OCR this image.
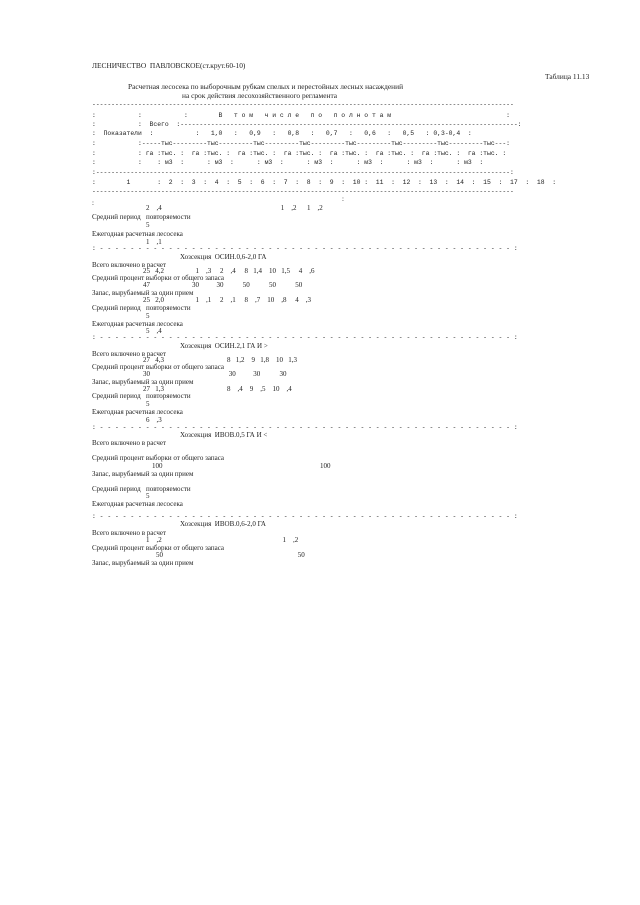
ЛЕСНИЧЕСТВО  ПАВЛОВСКОЕ(ст.крут.60-10)
Таблица 11.13
Расчетная лесосека по выборочным рубкам спелых и перестойных лесных насаждений
на срок действия лесохозяйственного регламента
--------------------------------------------------------------------------------------------------------------
:           :           :        В   т о м   ч и с л е   п о   п о л н о т а м                              :
:           :  Всего  :----------------------------------------------------------------------------------------:
:  Показатели  :           :   1,0   :   0,9   :   0,8   :   0,7   :   0,6   :   0,5   : 0,3-0,4  :
:           :-----тыс---------тыс---------тыс---------тыс---------тыс---------тыс---------тыс---------тыс---:
:           : га :тыс. :  га :тыс. :  га :тыс. :  га :тыс. :  га :тыс. :  га :тыс. :  га :тыс. :  га :тыс. :
:           :    : м3  :      : м3  :      : м3  :      : м3  :      : м3  :      : м3  :      : м3  :
:------------------------------------------------------------------------------------------------------------:
:        1       :  2  :  3  :  4  :  5  :  6  :  7  :  8  :  9  :  10 :  11  :  12  :  13  :  14  :  15  :  17  :  18  :
--------------------------------------------------------------------------------------------------------------
:	:
2    ,4                                                                    1    ,2      1    ,2
Средний период   повторяемости
5
Ежегодная расчетная лесосека
1    ,1
: - - - - - - - - - - - - - - - - - - - - - - - - - - - - - - - - - - - - - - - - - - - - - - - - - - - - - - :
Хозсекция  ОСИН.0,6-2,0 ГА
Всего включено в расчет
25   4,2                  1    ,3     2    ,4     8   1,4    10   1,5     4    ,6
Средний процент выборки от общего запаса
47                        30          30           50           50           50
Запас, вырубаемый за один прием
25   2,0                  1    ,1     2    ,1     8    ,7    10    ,8     4    ,3
Средний период   повторяемости
5
Ежегодная расчетная лесосека
5    ,4
: - - - - - - - - - - - - - - - - - - - - - - - - - - - - - - - - - - - - - - - - - - - - - - - - - - - - - - :
Хозсекция  ОСИН.2,1 ГА И >
Всего включено в расчет
27   4,3                                    8   1,2    9   1,8    10   1,3
Средний процент выборки от общего запаса
30                                             30          30           30
Запас, вырубаемый за один прием
27   1,3                                    8    ,4    9    ,5    10    ,4
Средний период   повторяемости
5
Ежегодная расчетная лесосека
6    ,3
: - - - - - - - - - - - - - - - - - - - - - - - - - - - - - - - - - - - - - - - - - - - - - - - - - - - - - - :
Хозсекция  ИВОВ.0,5 ГА И <
Всего включено в расчет
Средний процент выборки от общего запаса
100                                                                                          100
Запас, вырубаемый за один прием
Средний период   повторяемости
5
Ежегодная расчетная лесосека
: - - - - - - - - - - - - - - - - - - - - - - - - - - - - - - - - - - - - - - - - - - - - - - - - - - - - - - :
Хозсекция  ИВОВ.0,6-2,0 ГА
Всего включено в расчет
1    ,2                                                                     1    ,2
Средний процент выборки от общего запаса
50                                                                             50
Запас, вырубаемый за один прием
